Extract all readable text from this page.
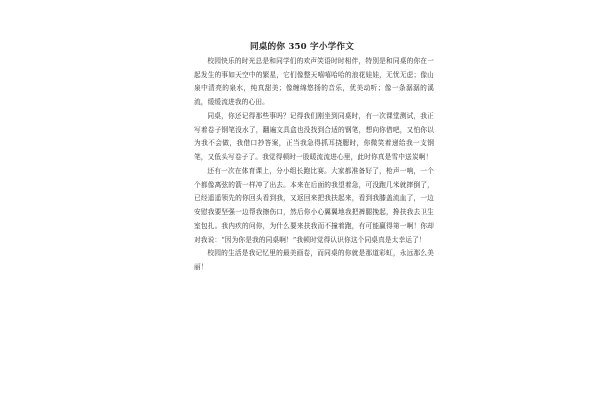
同桌的你 350 字小学作文

校园快乐的时光总是和同学们的欢声笑语时时相伴，特别是和同桌的你在一起发生的事如天空中的繁星，它们像整天嘻嘻哈哈的浪花娃娃，无忧无虑；像山泉中清亮的泉水，纯真甜美；像缠绵悠扬的音乐，优美动听；像一条潺潺的溪流，缓缓流进我的心田。

同桌，你还记得那些事吗？记得我们刚坐到同桌时，有一次课堂测试，我正写着卷子钢笔没水了，翻遍文具盒也没找到合适的钢笔，想向你借吧，又怕你以为我不会做，我借口抄答案，正当我急得抓耳挠腮时，你微笑着递给我一支钢笔，又低头写卷子了。我觉得顿时一股暖流流进心里，此时你真是雪中送炭啊！

还有一次在体育课上，分小组长跑比赛。大家都准备好了，枪声一响，一个个都像离弦的箭一样冲了出去。本来在后面的我望着急，可没跑几米就摔倒了，已经遥遥领先的你回头看到我，又返回来把我扶起来，看到我膝盖流血了，一边安慰我要坚强一边帮我擦伤口，然后你小心翼翼地我把裤腿挽起，搀扶我去卫生室包扎。我内疚的问你，为什么要来扶我而不撞着跑，有可能赢得第一啊！你却对我说：“因为你是我的同桌啊！”我顿时觉得认识你这个同桌真是太幸运了！

校园的生活是我记忆里的最美画卷，而同桌的你就是那道彩虹，永远那么美丽！
